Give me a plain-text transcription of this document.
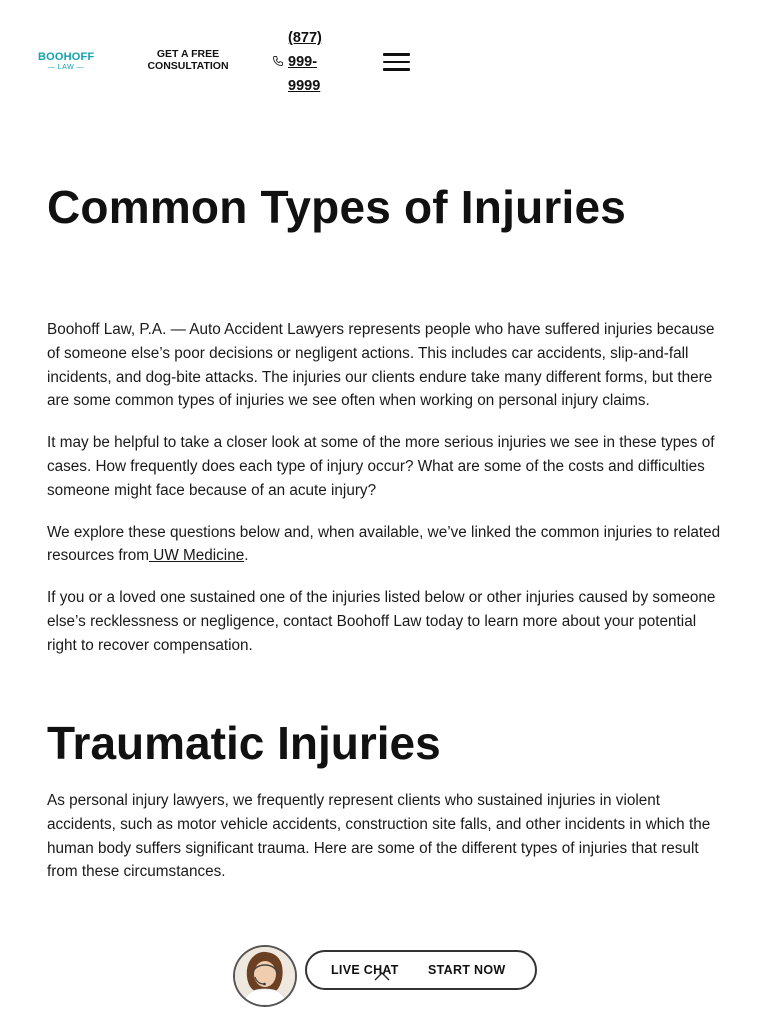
BOOHOFF
— LAW —
GET A FREE
CONSULTATION
(877)
999-
9999
Common Types of Injuries

Boohoff Law, P.A. — Auto Accident Lawyers represents people who have suffered injuries because of someone else’s poor decisions or negligent actions. This includes car accidents, slip-and-fall incidents, and dog-bite attacks. The injuries our clients endure take many different forms, but there are some common types of injuries we see often when working on personal injury claims.

It may be helpful to take a closer look at some of the more serious injuries we see in these types of cases. How frequently does each type of injury occur? What are some of the costs and difficulties someone might face because of an acute injury?

We explore these questions below and, when available, we’ve linked the common injuries to related resources from UW Medicine.

If you or a loved one sustained one of the injuries listed below or other injuries caused by someone else’s recklessness or negligence, contact Boohoff Law today to learn more about your potential right to recover compensation.

Traumatic Injuries

As personal injury lawyers, we frequently represent clients who sustained injuries in violent accidents, such as motor vehicle accidents, construction site falls, and other incidents in which the human body suffers significant trauma. Here are some of the different types of injuries that result from these circumstances.

LIVE CHAT START NOW
